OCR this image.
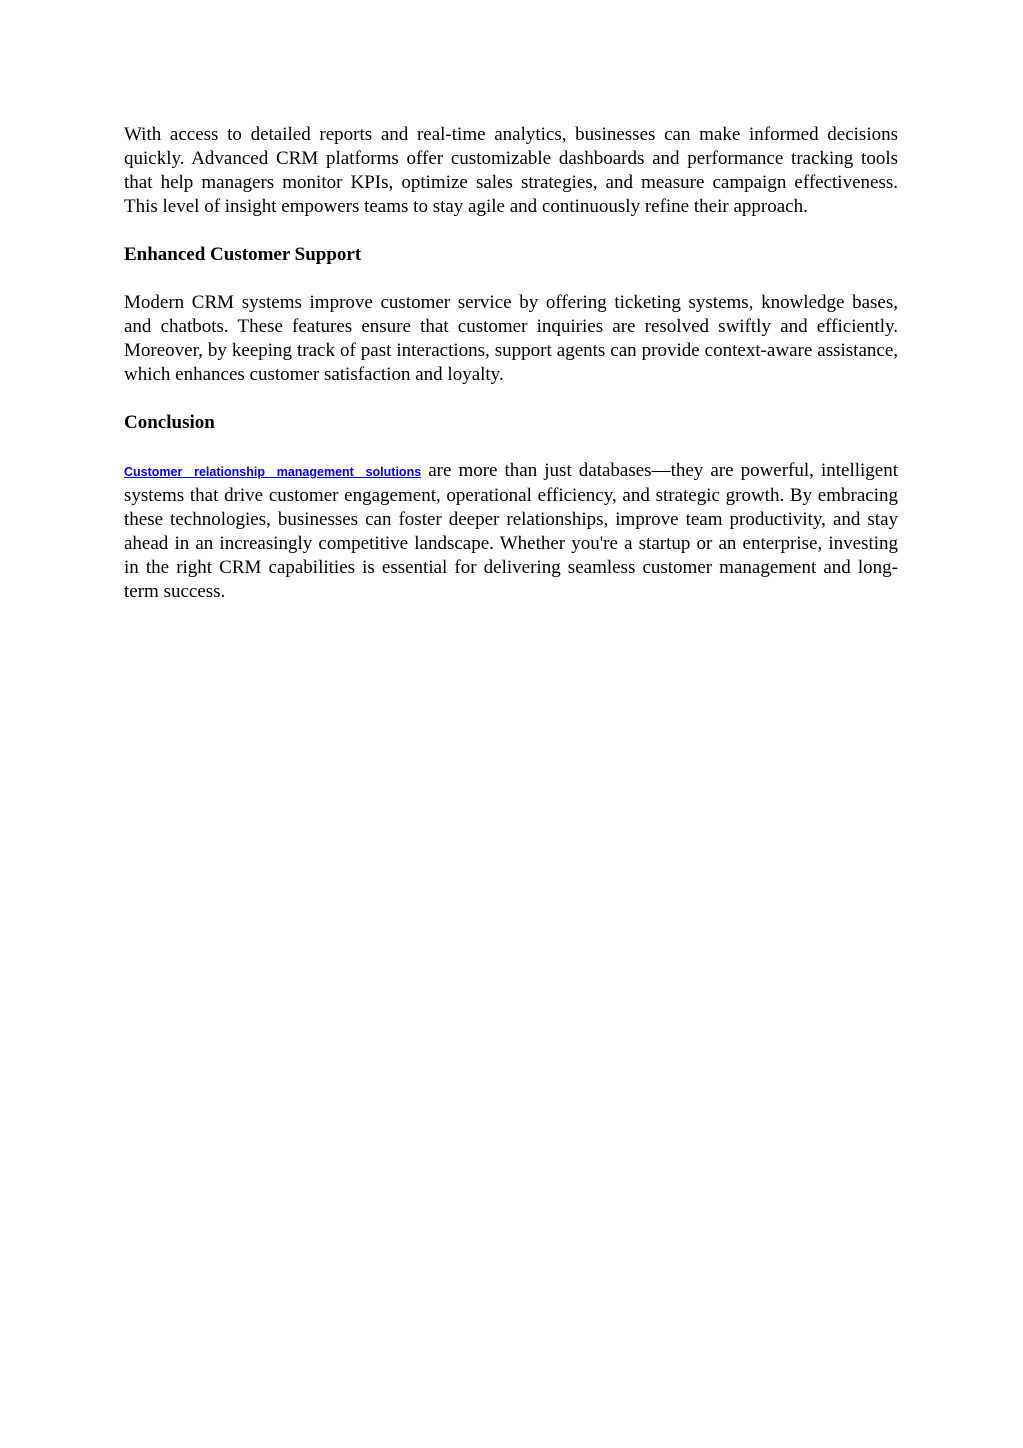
With access to detailed reports and real-time analytics, businesses can make informed decisions quickly. Advanced CRM platforms offer customizable dashboards and performance tracking tools that help managers monitor KPIs, optimize sales strategies, and measure campaign effectiveness. This level of insight empowers teams to stay agile and continuously refine their approach.

Enhanced Customer Support

Modern CRM systems improve customer service by offering ticketing systems, knowledge bases, and chatbots. These features ensure that customer inquiries are resolved swiftly and efficiently. Moreover, by keeping track of past interactions, support agents can provide context-aware assistance, which enhances customer satisfaction and loyalty.

Conclusion

Customer relationship management solutions are more than just databases—they are powerful, intelligent systems that drive customer engagement, operational efficiency, and strategic growth. By embracing these technologies, businesses can foster deeper relationships, improve team productivity, and stay ahead in an increasingly competitive landscape. Whether you're a startup or an enterprise, investing in the right CRM capabilities is essential for delivering seamless customer management and long-term success.
